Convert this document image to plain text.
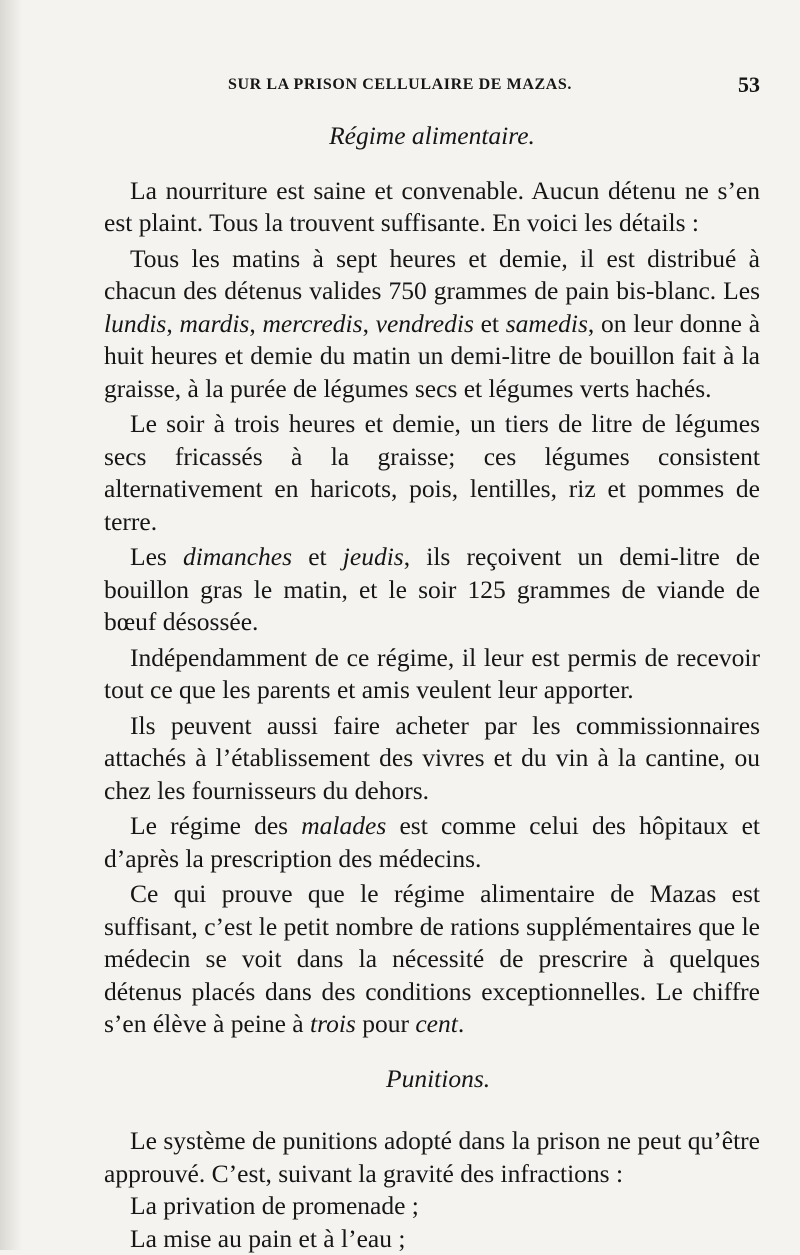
SUR LA PRISON CELLULAIRE DE MAZAS.	53
Régime alimentaire.

La nourriture est saine et convenable. Aucun détenu ne s’en est plaint. Tous la trouvent suffisante. En voici les détails :

Tous les matins à sept heures et demie, il est distribué à chacun des détenus valides 750 grammes de pain bis-blanc. Les lundis, mardis, mercredis, vendredis et samedis, on leur donne à huit heures et demie du matin un demi-litre de bouillon fait à la graisse, à la purée de légumes secs et légumes verts hachés.

Le soir à trois heures et demie, un tiers de litre de légumes secs fricassés à la graisse; ces légumes consistent alternativement en haricots, pois, lentilles, riz et pommes de terre.

Les dimanches et jeudis, ils reçoivent un demi-litre de bouillon gras le matin, et le soir 125 grammes de viande de bœuf désossée.

Indépendamment de ce régime, il leur est permis de recevoir tout ce que les parents et amis veulent leur apporter.

Ils peuvent aussi faire acheter par les commissionnaires attachés à l’établissement des vivres et du vin à la cantine, ou chez les fournisseurs du dehors.

Le régime des malades est comme celui des hôpitaux et d’après la prescription des médecins.

Ce qui prouve que le régime alimentaire de Mazas est suffisant, c’est le petit nombre de rations supplémentaires que le médecin se voit dans la nécessité de prescrire à quelques détenus placés dans des conditions exceptionnelles. Le chiffre s’en élève à peine à trois pour cent.

Punitions.

Le système de punitions adopté dans la prison ne peut qu’être approuvé. C’est, suivant la gravité des infractions :

La privation de promenade ;
La mise au pain et à l’eau ;
